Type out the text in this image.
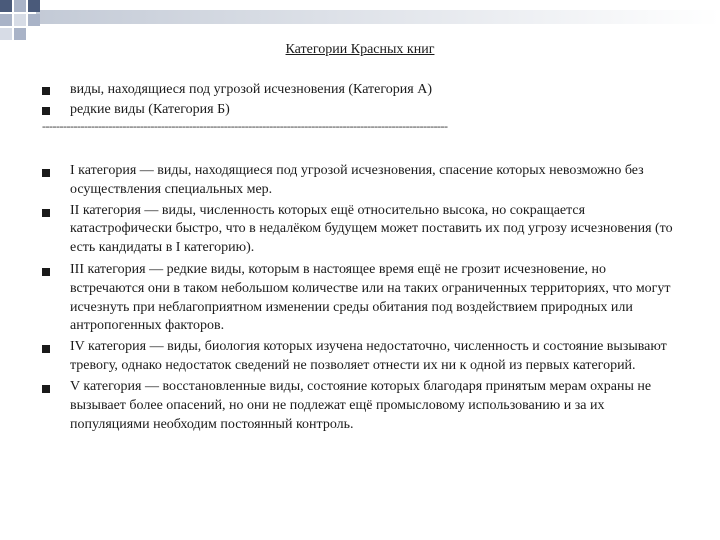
Категории Красных книг
виды, находящиеся под угрозой исчезновения (Категория А)
редкие виды (Категория Б)
--------------------------------------------------------------------------------------------------------------------
I категория — виды, находящиеся под угрозой исчезновения, спасение которых невозможно без осуществления специальных мер.
II категория — виды, численность которых ещё относительно высока, но сокращается катастрофически быстро, что в недалёком будущем может поставить их под угрозу исчезновения (то есть кандидаты в I категорию).
III категория — редкие виды, которым в настоящее время ещё не грозит исчезновение, но встречаются они в таком небольшом количестве или на таких ограниченных территориях, что могут исчезнуть при неблагоприятном изменении среды обитания под воздействием природных или антропогенных факторов.
IV категория — виды, биология которых изучена недостаточно, численность и состояние вызывают тревогу, однако недостаток сведений не позволяет отнести их ни к одной из первых категорий.
V категория — восстановленные виды, состояние которых благодаря принятым мерам охраны не вызывает более опасений, но они не подлежат ещё промысловому использованию и за их популяциями необходим постоянный контроль.
